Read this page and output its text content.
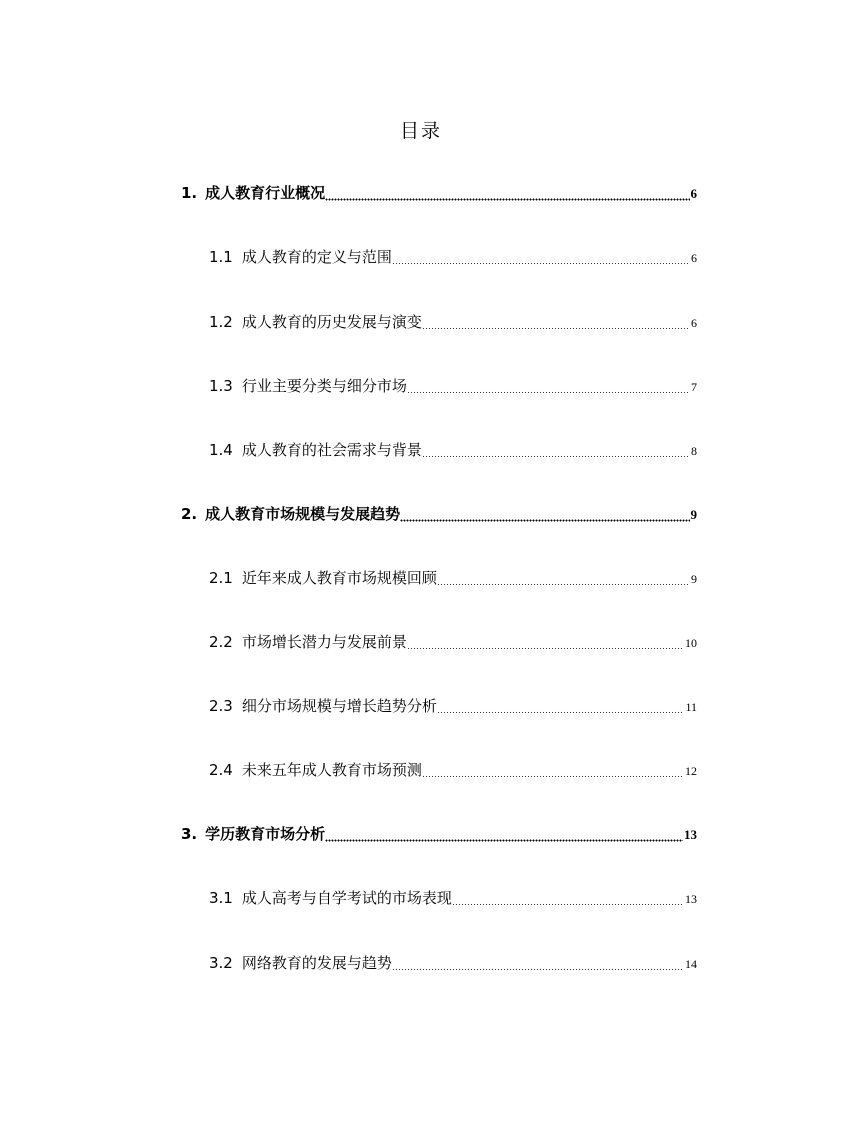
目录
1. 成人教育行业概况	6
1.1 成人教育的定义与范围	6
1.2 成人教育的历史发展与演变	6
1.3 行业主要分类与细分市场	7
1.4 成人教育的社会需求与背景	8
2. 成人教育市场规模与发展趋势	9
2.1 近年来成人教育市场规模回顾	9
2.2 市场增长潜力与发展前景	10
2.3 细分市场规模与增长趋势分析	11
2.4 未来五年成人教育市场预测	12
3. 学历教育市场分析	13
3.1 成人高考与自学考试的市场表现	13
3.2 网络教育的发展与趋势	14
